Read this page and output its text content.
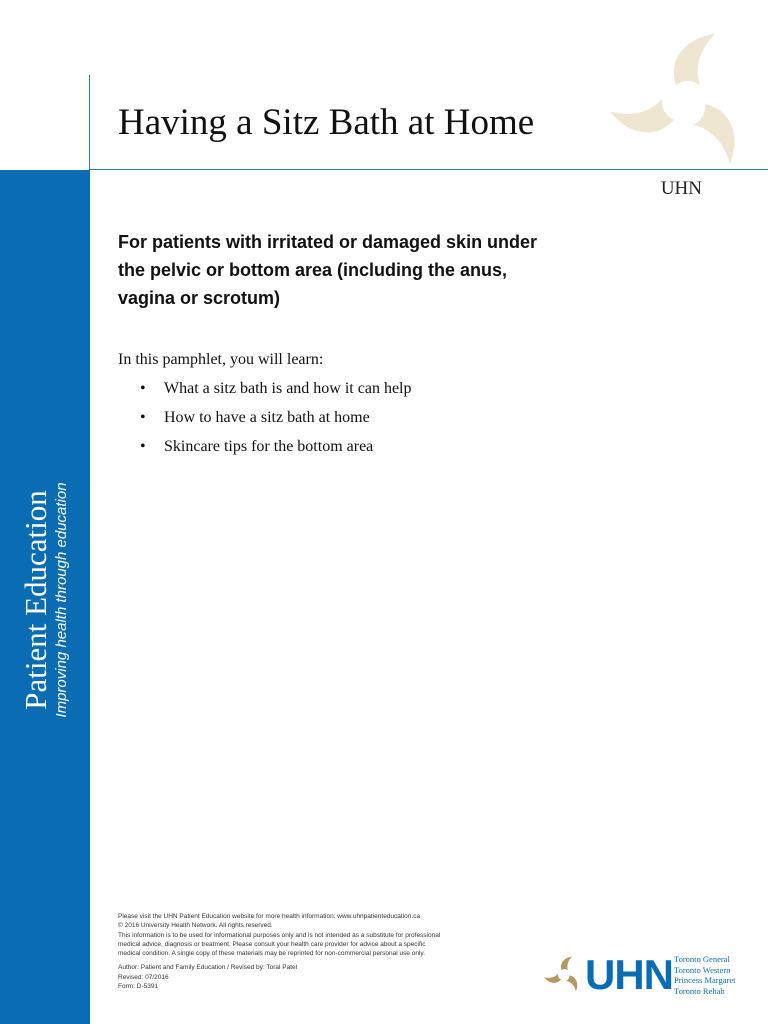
Patient Education Improving health through education
Having a Sitz Bath at Home
UHN

For patients with irritated or damaged skin under the pelvic or bottom area (including the anus, vagina or scrotum)

In this pamphlet, you will learn:
• What a sitz bath is and how it can help
• How to have a sitz bath at home
• Skincare tips for the bottom area

Please visit the UHN Patient Education website for more health information: www.uhnpatienteducation.ca

© 2016 University Health Network. All rights reserved.

This information is to be used for informational purposes only and is not intended as a substitute for professional

medical advice, diagnosis or treatment. Please consult your health care provider for advice about a specific

medical condition. A single copy of these materials may be reprinted for non-commercial personal use only.

Author: Patient and Family Education / Revised by: Toral Patel

Revised: 07/2016

Form: D-5391	UHN Toronto General
Toronto Western
Princess Margaret
Toronto Rehab
